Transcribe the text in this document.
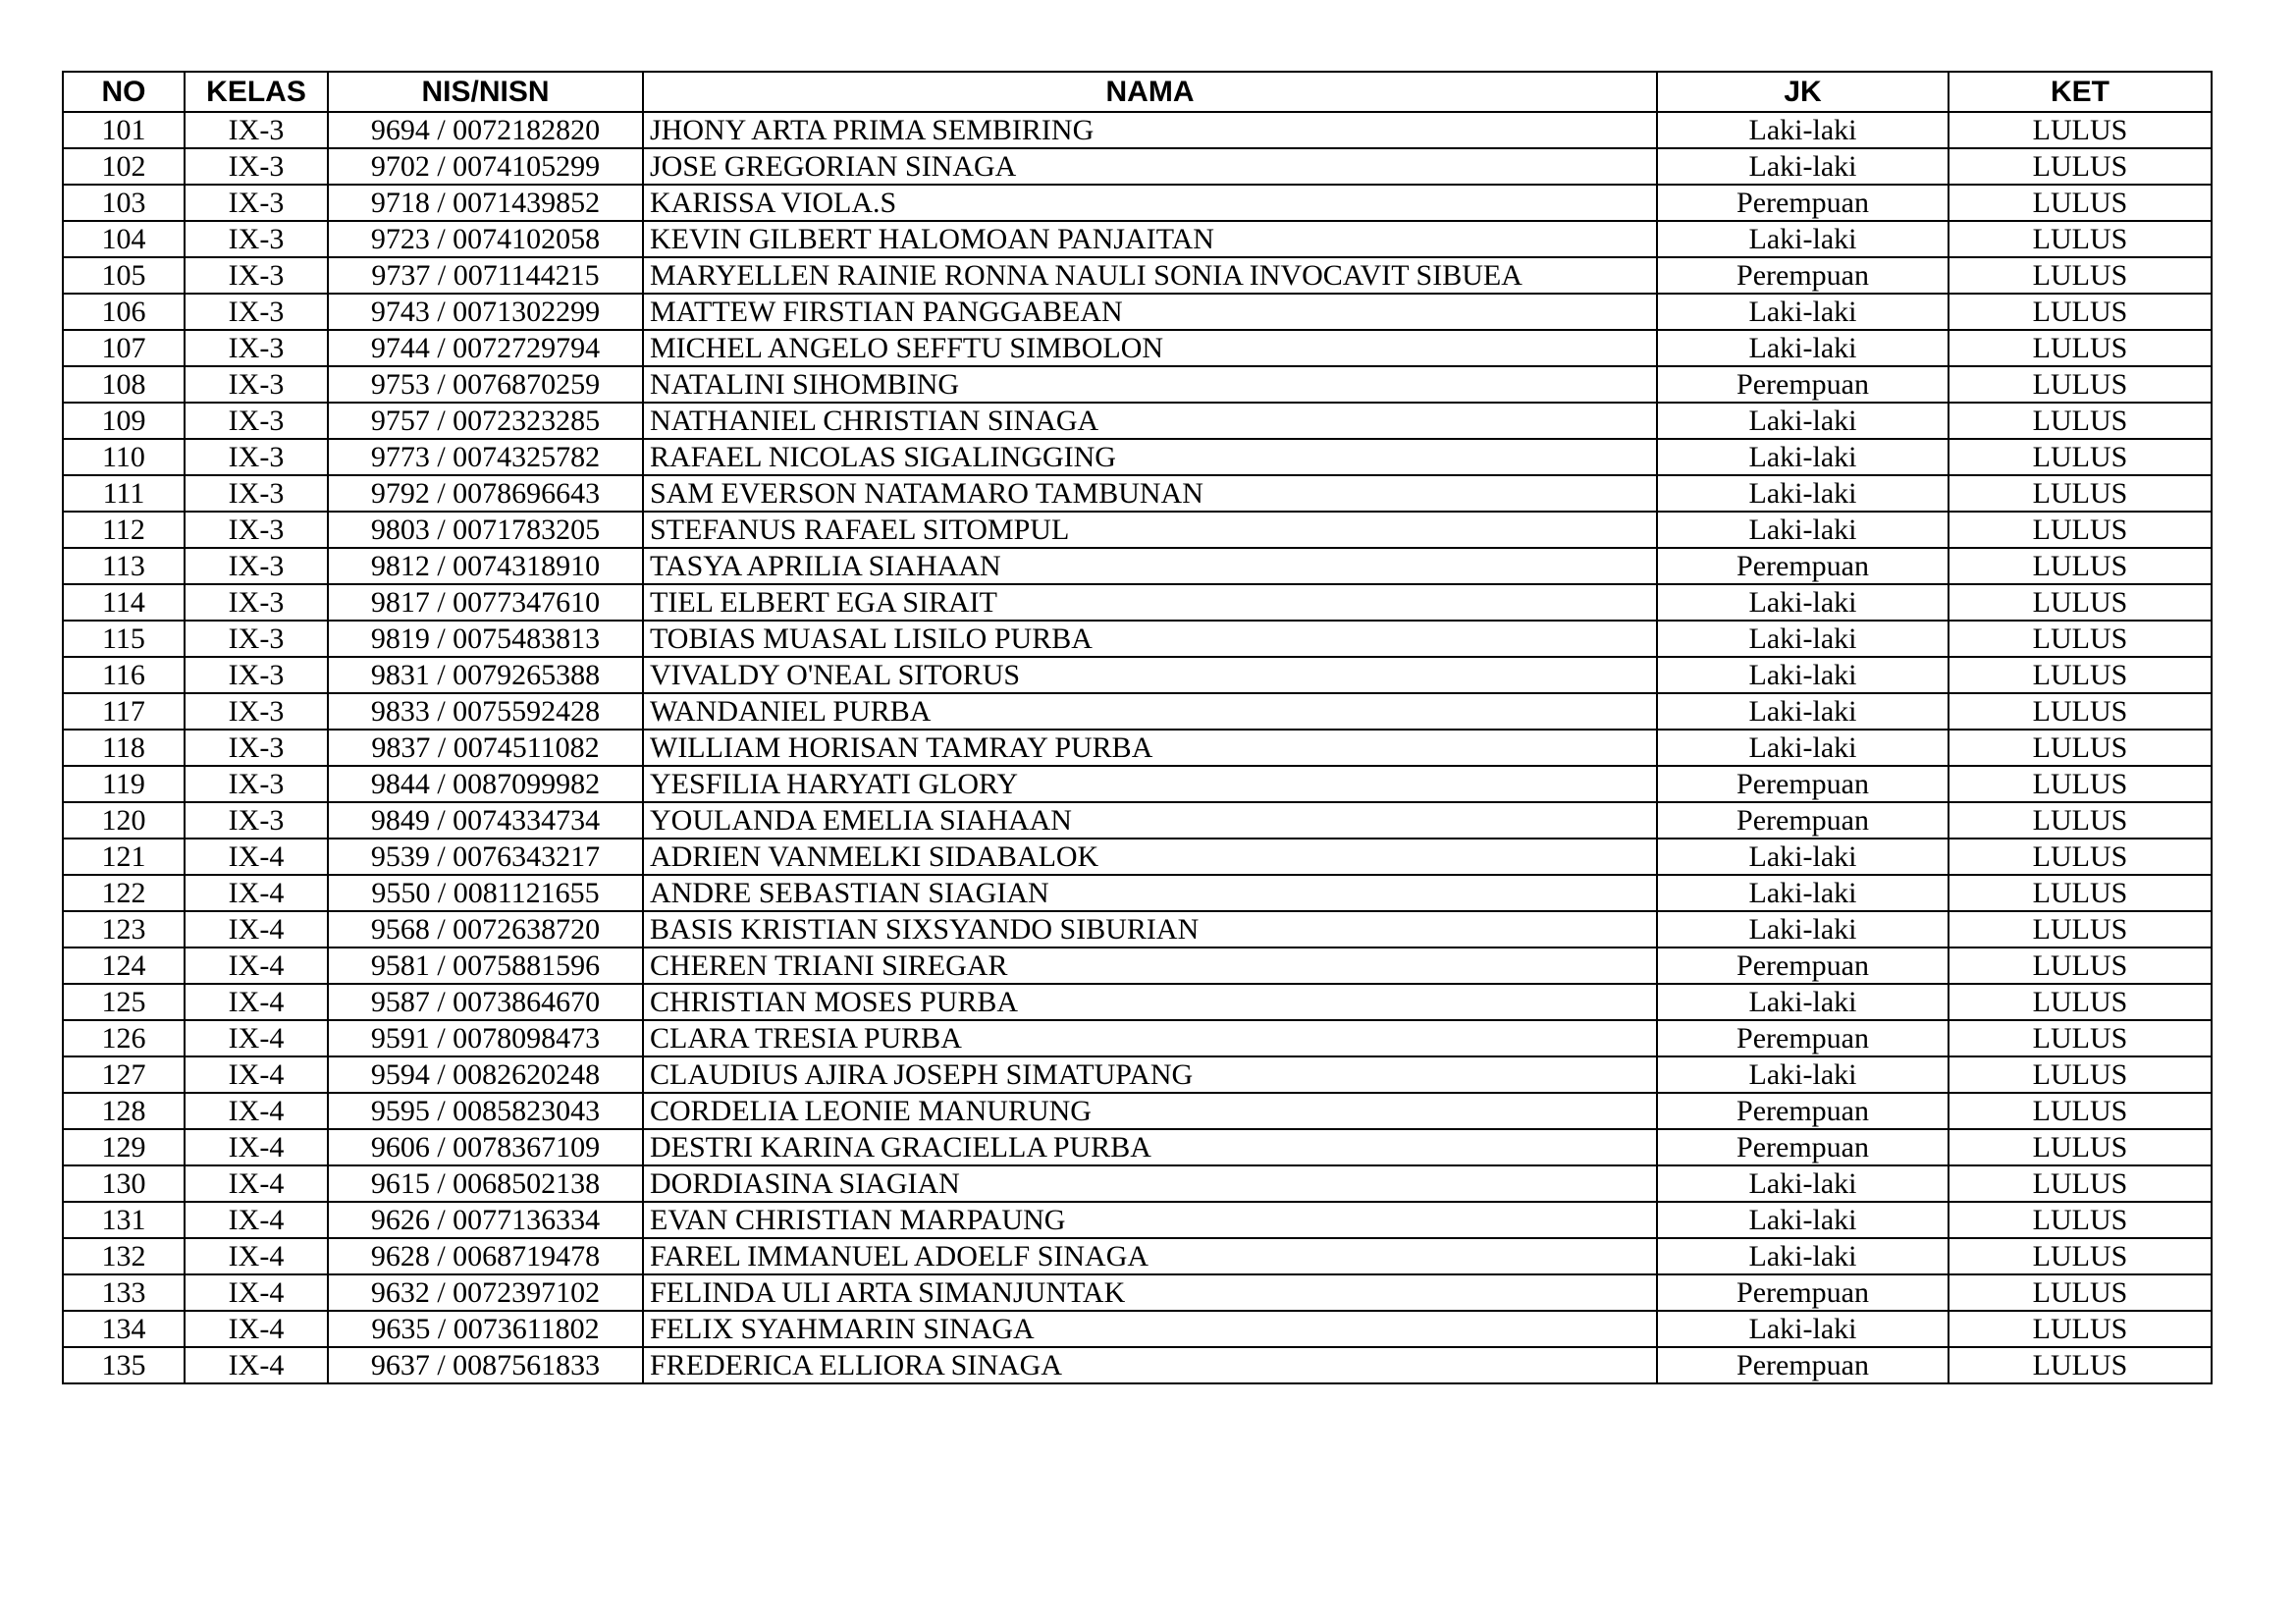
NO	KELAS	NIS/NISN	NAMA	JK	KET
101	IX-3	9694 / 0072182820	JHONY ARTA PRIMA SEMBIRING	Laki-laki	LULUS
102	IX-3	9702 / 0074105299	JOSE GREGORIAN SINAGA	Laki-laki	LULUS
103	IX-3	9718 / 0071439852	KARISSA VIOLA.S	Perempuan	LULUS
104	IX-3	9723 / 0074102058	KEVIN GILBERT HALOMOAN PANJAITAN	Laki-laki	LULUS
105	IX-3	9737 / 0071144215	MARYELLEN RAINIE RONNA NAULI SONIA INVOCAVIT SIBUEA	Perempuan	LULUS
106	IX-3	9743 / 0071302299	MATTEW FIRSTIAN PANGGABEAN	Laki-laki	LULUS
107	IX-3	9744 / 0072729794	MICHEL ANGELO SEFFTU SIMBOLON	Laki-laki	LULUS
108	IX-3	9753 / 0076870259	NATALINI SIHOMBING	Perempuan	LULUS
109	IX-3	9757 / 0072323285	NATHANIEL CHRISTIAN SINAGA	Laki-laki	LULUS
110	IX-3	9773 / 0074325782	RAFAEL NICOLAS SIGALINGGING	Laki-laki	LULUS
111	IX-3	9792 / 0078696643	SAM EVERSON NATAMARO TAMBUNAN	Laki-laki	LULUS
112	IX-3	9803 / 0071783205	STEFANUS RAFAEL SITOMPUL	Laki-laki	LULUS
113	IX-3	9812 / 0074318910	TASYA APRILIA SIAHAAN	Perempuan	LULUS
114	IX-3	9817 / 0077347610	TIEL ELBERT EGA SIRAIT	Laki-laki	LULUS
115	IX-3	9819 / 0075483813	TOBIAS MUASAL LISILO PURBA	Laki-laki	LULUS
116	IX-3	9831 / 0079265388	VIVALDY O'NEAL SITORUS	Laki-laki	LULUS
117	IX-3	9833 / 0075592428	WANDANIEL PURBA	Laki-laki	LULUS
118	IX-3	9837 / 0074511082	WILLIAM HORISAN TAMRAY PURBA	Laki-laki	LULUS
119	IX-3	9844 / 0087099982	YESFILIA HARYATI GLORY	Perempuan	LULUS
120	IX-3	9849 / 0074334734	YOULANDA EMELIA SIAHAAN	Perempuan	LULUS
121	IX-4	9539 / 0076343217	ADRIEN VANMELKI SIDABALOK	Laki-laki	LULUS
122	IX-4	9550 / 0081121655	ANDRE SEBASTIAN SIAGIAN	Laki-laki	LULUS
123	IX-4	9568 / 0072638720	BASIS KRISTIAN SIXSYANDO SIBURIAN	Laki-laki	LULUS
124	IX-4	9581 / 0075881596	CHEREN TRIANI SIREGAR	Perempuan	LULUS
125	IX-4	9587 / 0073864670	CHRISTIAN MOSES PURBA	Laki-laki	LULUS
126	IX-4	9591 / 0078098473	CLARA TRESIA PURBA	Perempuan	LULUS
127	IX-4	9594 / 0082620248	CLAUDIUS AJIRA JOSEPH SIMATUPANG	Laki-laki	LULUS
128	IX-4	9595 / 0085823043	CORDELIA LEONIE MANURUNG	Perempuan	LULUS
129	IX-4	9606 / 0078367109	DESTRI KARINA GRACIELLA PURBA	Perempuan	LULUS
130	IX-4	9615 / 0068502138	DORDIASINA SIAGIAN	Laki-laki	LULUS
131	IX-4	9626 / 0077136334	EVAN CHRISTIAN MARPAUNG	Laki-laki	LULUS
132	IX-4	9628 / 0068719478	FAREL IMMANUEL ADOELF SINAGA	Laki-laki	LULUS
133	IX-4	9632 / 0072397102	FELINDA ULI ARTA SIMANJUNTAK	Perempuan	LULUS
134	IX-4	9635 / 0073611802	FELIX SYAHMARIN SINAGA	Laki-laki	LULUS
135	IX-4	9637 / 0087561833	FREDERICA ELLIORA SINAGA	Perempuan	LULUS
